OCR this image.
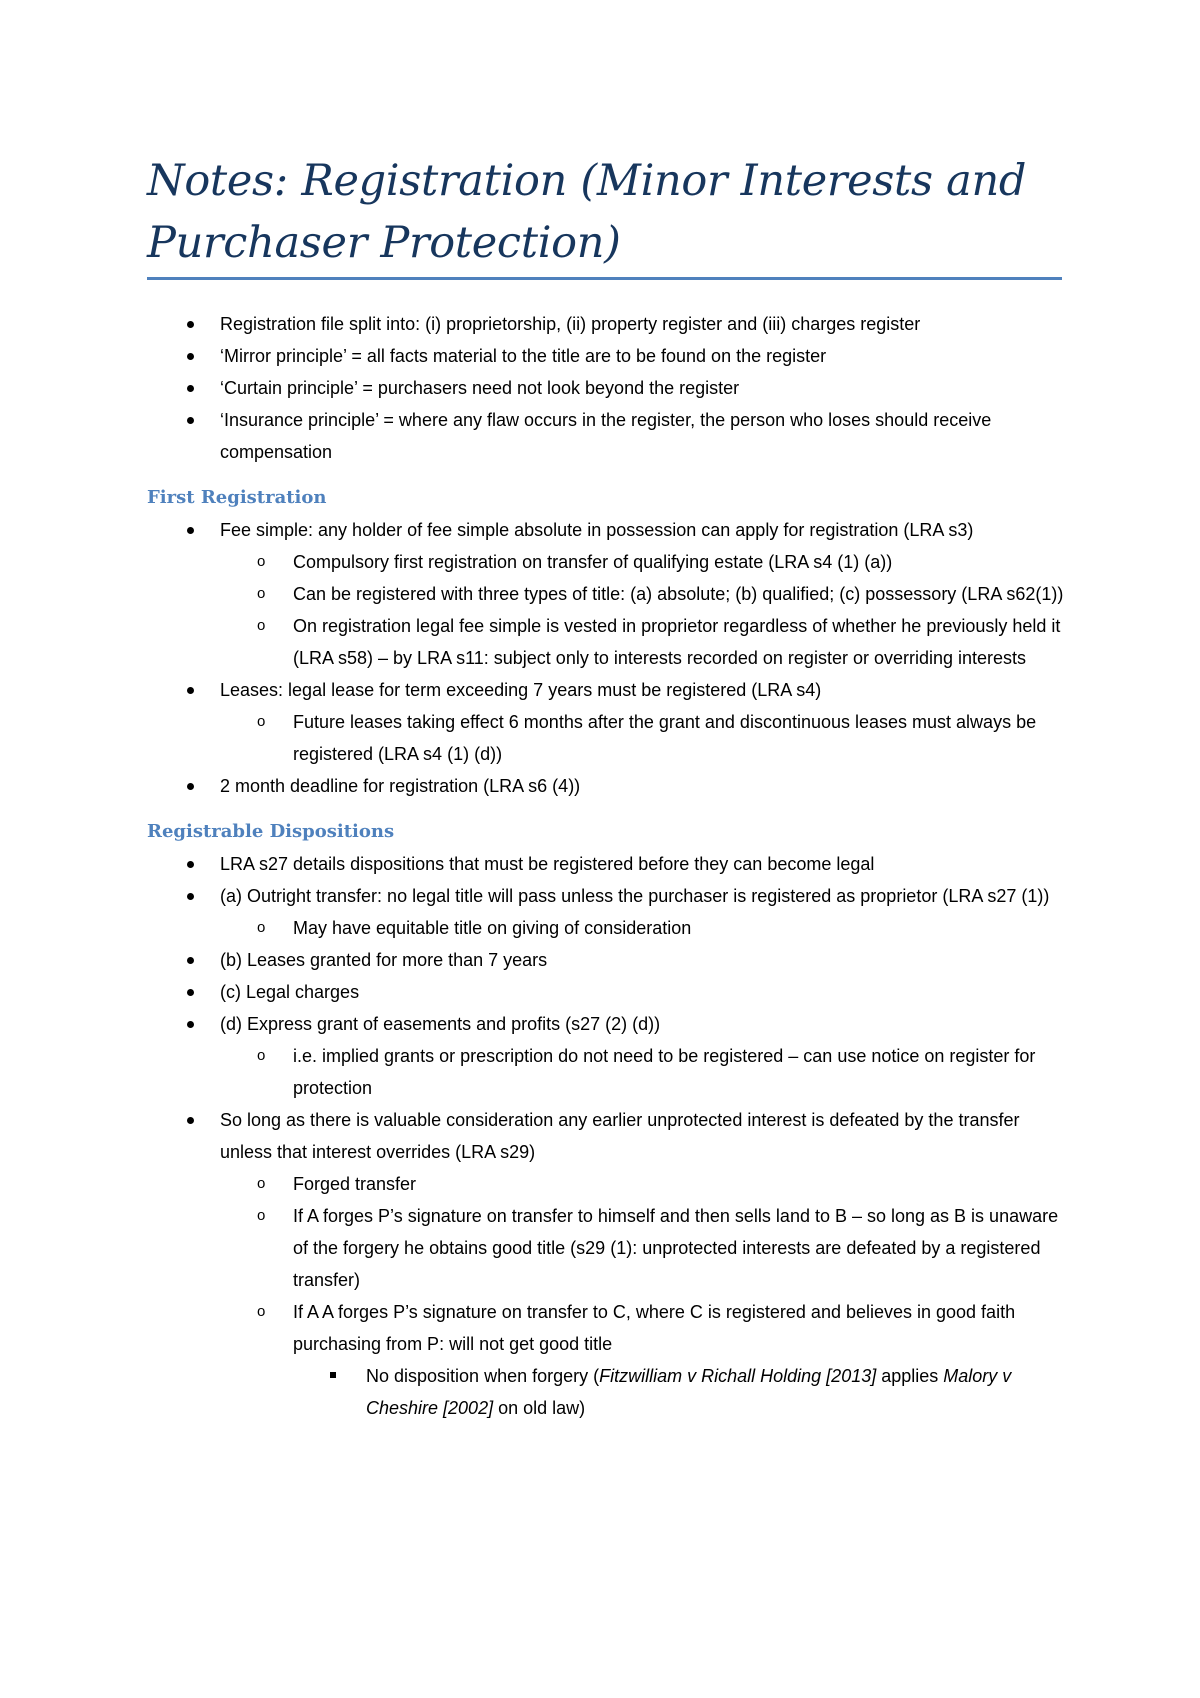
Notes: Registration (Minor Interests and Purchaser Protection)
Registration file split into: (i) proprietorship, (ii) property register and (iii) charges register
‘Mirror principle’ = all facts material to the title are to be found on the register
‘Curtain principle’ = purchasers need not look beyond the register
‘Insurance principle’ = where any flaw occurs in the register, the person who loses should receive compensation
First Registration
Fee simple: any holder of fee simple absolute in possession can apply for registration (LRA s3)
o Compulsory first registration on transfer of qualifying estate (LRA s4 (1) (a))
o Can be registered with three types of title: (a) absolute; (b) qualified; (c) possessory (LRA s62(1))
o On registration legal fee simple is vested in proprietor regardless of whether he previously held it (LRA s58) – by LRA s11: subject only to interests recorded on register or overriding interests
Leases: legal lease for term exceeding 7 years must be registered (LRA s4)
o Future leases taking effect 6 months after the grant and discontinuous leases must always be registered (LRA s4 (1) (d))
2 month deadline for registration (LRA s6 (4))
Registrable Dispositions
LRA s27 details dispositions that must be registered before they can become legal
(a) Outright transfer: no legal title will pass unless the purchaser is registered as proprietor (LRA s27 (1))
o May have equitable title on giving of consideration
(b) Leases granted for more than 7 years
(c) Legal charges
(d) Express grant of easements and profits (s27 (2) (d))
o i.e. implied grants or prescription do not need to be registered – can use notice on register for protection
So long as there is valuable consideration any earlier unprotected interest is defeated by the transfer unless that interest overrides (LRA s29)
o Forged transfer
o If A forges P’s signature on transfer to himself and then sells land to B – so long as B is unaware of the forgery he obtains good title (s29 (1): unprotected interests are defeated by a registered transfer)
o If A A forges P’s signature on transfer to C, where C is registered and believes in good faith purchasing from P: will not get good title
No disposition when forgery (Fitzwilliam v Richall Holding [2013] applies Malory v Cheshire [2002] on old law)
